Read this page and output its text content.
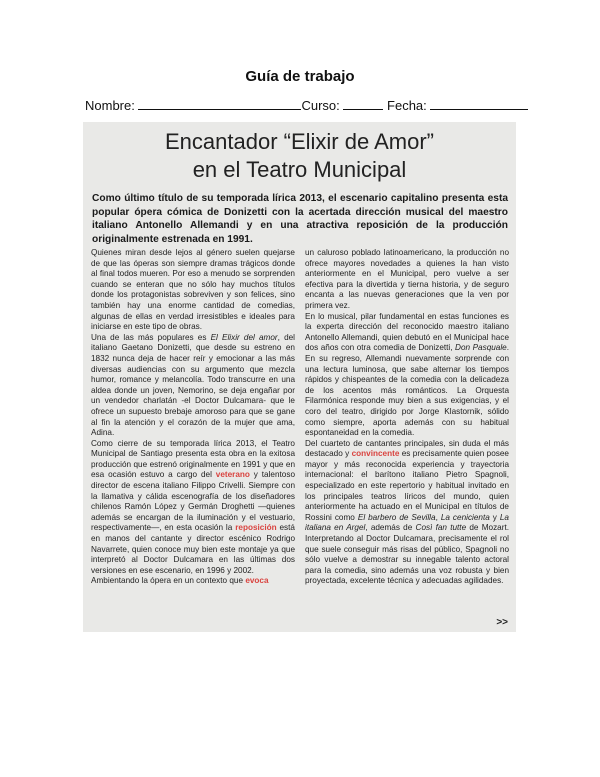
Guía de trabajo
Nombre:	Curso:	Fecha:
Encantador “Elixir de Amor”
en el Teatro Municipal
Como último título de su temporada lírica 2013, el escenario capitalino presenta esta popular ópera cómica de Donizetti con la acertada dirección musical del maestro italiano Antonello Allemandi y en una atractiva reposición de la producción originalmente estrenada en 1991.

Quienes miran desde lejos al género suelen quejarse de que las óperas son siempre dramas trágicos donde al final todos mueren. Por eso a menudo se sorprenden cuando se enteran que no sólo hay muchos títulos donde los protagonistas sobreviven y son felices, sino también hay una enorme cantidad de comedias, algunas de ellas en verdad irresistibles e ideales para iniciarse en este tipo de obras.

Una de las más populares es El Elixir del amor, del italiano Gaetano Donizetti, que desde su estreno en 1832 nunca deja de hacer reír y emocionar a las más diversas audiencias con su argumento que mezcla humor, romance y melancolía. Todo transcurre en una aldea donde un joven, Nemorino, se deja engañar por un vendedor charlatán -el Doctor Dulcamara- que le ofrece un supuesto brebaje amoroso para que se gane al fin la atención y el corazón de la mujer que ama, Adina.

Como cierre de su temporada lírica 2013, el Teatro Municipal de Santiago presenta esta obra en la exitosa producción que estrenó originalmente en 1991 y que en esa ocasión estuvo a cargo del veterano y talentoso director de escena italiano Filippo Crivelli. Siempre con la llamativa y cálida escenografía de los diseñadores chilenos Ramón López y Germán Droghetti —quienes además se encargan de la iluminación y el vestuario, respectivamente—, en esta ocasión la reposición está en manos del cantante y director escénico Rodrigo Navarrete, quien conoce muy bien este montaje ya que interpretó al Doctor Dulcamara en las últimas dos versiones en ese escenario, en 1996 y 2002.

Ambientando la ópera en un contexto que evoca

un caluroso poblado latinoamericano, la producción no ofrece mayores novedades a quienes la han visto anteriormente en el Municipal, pero vuelve a ser efectiva para la divertida y tierna historia, y de seguro encanta a las nuevas generaciones que la ven por primera vez.

En lo musical, pilar fundamental en estas funciones es la experta dirección del reconocido maestro italiano Antonello Allemandi, quien debutó en el Municipal hace dos años con otra comedia de Donizetti, Don Pasquale. En su regreso, Allemandi nuevamente sorprende con una lectura luminosa, que sabe alternar los tiempos rápidos y chispeantes de la comedia con la delicadeza de los acentos más románticos. La Orquesta Filarmónica responde muy bien a sus exigencias, y el coro del teatro, dirigido por Jorge Klastornik, sólido como siempre, aporta además con su habitual espontaneidad en la comedia.

Del cuarteto de cantantes principales, sin duda el más destacado y convincente es precisamente quien posee mayor y más reconocida experiencia y trayectoria internacional: el barítono italiano Pietro Spagnoli, especializado en este repertorio y habitual invitado en los principales teatros líricos del mundo, quien anteriormente ha actuado en el Municipal en títulos de Rossini como El barbero de Sevilla, La cenicienta y La italiana en Argel, además de Così fan tutte de Mozart. Interpretando al Doctor Dulcamara, precisamente el rol que suele conseguir más risas del público, Spagnoli no sólo vuelve a demostrar su innegable talento actoral para la comedia, sino además una voz robusta y bien proyectada, excelente técnica y adecuadas agilidades.

>>
